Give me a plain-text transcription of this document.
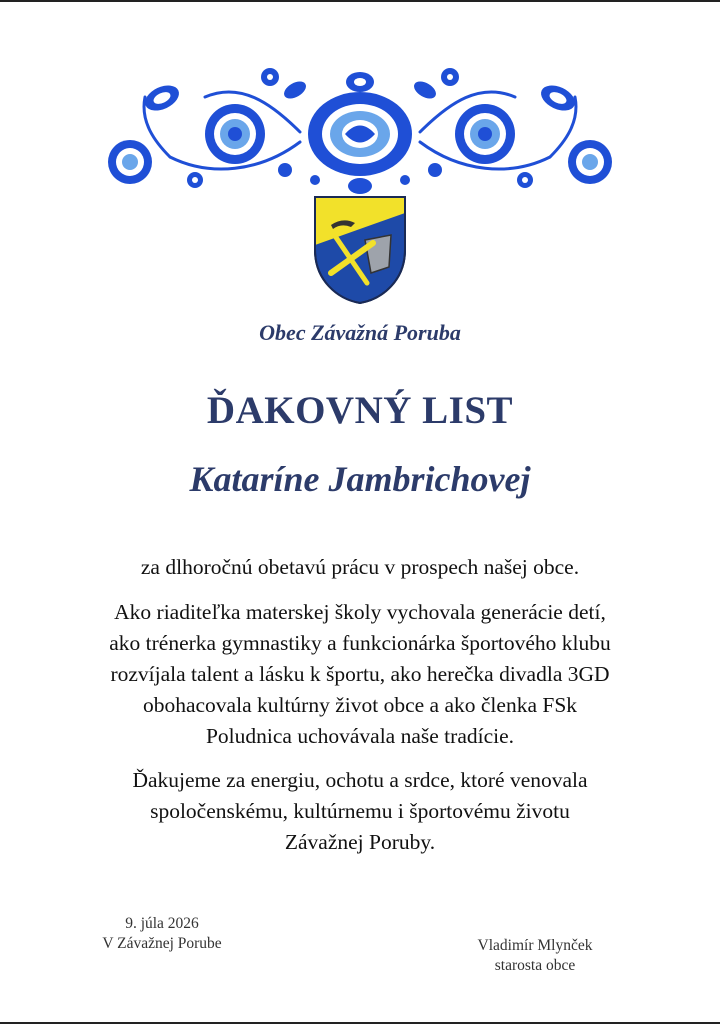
Obec Závažná Poruba
ĎAKOVNÝ LIST
Kataríne Jambrichovej
za dlhoročnú obetavú prácu v prospech našej obce.
Ako riaditeľka materskej školy vychovala generácie detí,
ako trénerka gymnastiky a funkcionárka športového klubu
rozvíjala talent a lásku k športu, ako herečka divadla 3GD
obohacovala kultúrny život obce a ako členka FSk
Poludnica uchovávala naše tradície.
Ďakujeme za energiu, ochotu a srdce, ktoré venovala
spoločenskému, kultúrnemu i športovému životu
Závažnej Poruby.
9. júla 2026
V Závažnej Porube	Vladimír Mlynček
starosta obce
